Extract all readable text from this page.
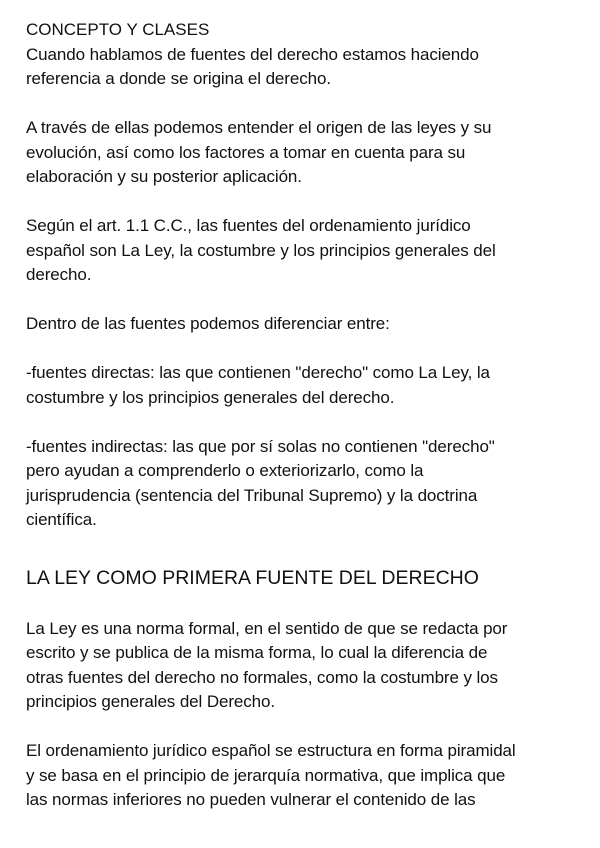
CONCEPTO Y CLASES
Cuando hablamos de fuentes del derecho estamos haciendo
referencia a donde se origina el derecho.
A través de ellas podemos entender el origen de las leyes y su
evolución, así como los factores a tomar en cuenta para su
elaboración y su posterior aplicación.
Según el art. 1.1 C.C., las fuentes del ordenamiento jurídico
español son La Ley, la costumbre y los principios generales del
derecho.
Dentro de las fuentes podemos diferenciar entre:
-fuentes directas: las que contienen "derecho" como La Ley, la
costumbre y los principios generales del derecho.
-fuentes indirectas: las que por sí solas no contienen "derecho"
pero ayudan a comprenderlo o exteriorizarlo, como la
jurisprudencia (sentencia del Tribunal Supremo) y la doctrina
científica.
LA LEY COMO PRIMERA FUENTE DEL DERECHO
La Ley es una norma formal, en el sentido de que se redacta por
escrito y se publica de la misma forma, lo cual la diferencia de
otras fuentes del derecho no formales, como la costumbre y los
principios generales del Derecho.
El ordenamiento jurídico español se estructura en forma piramidal
y se basa en el principio de jerarquía normativa, que implica que
las normas inferiores no pueden vulnerar el contenido de las
